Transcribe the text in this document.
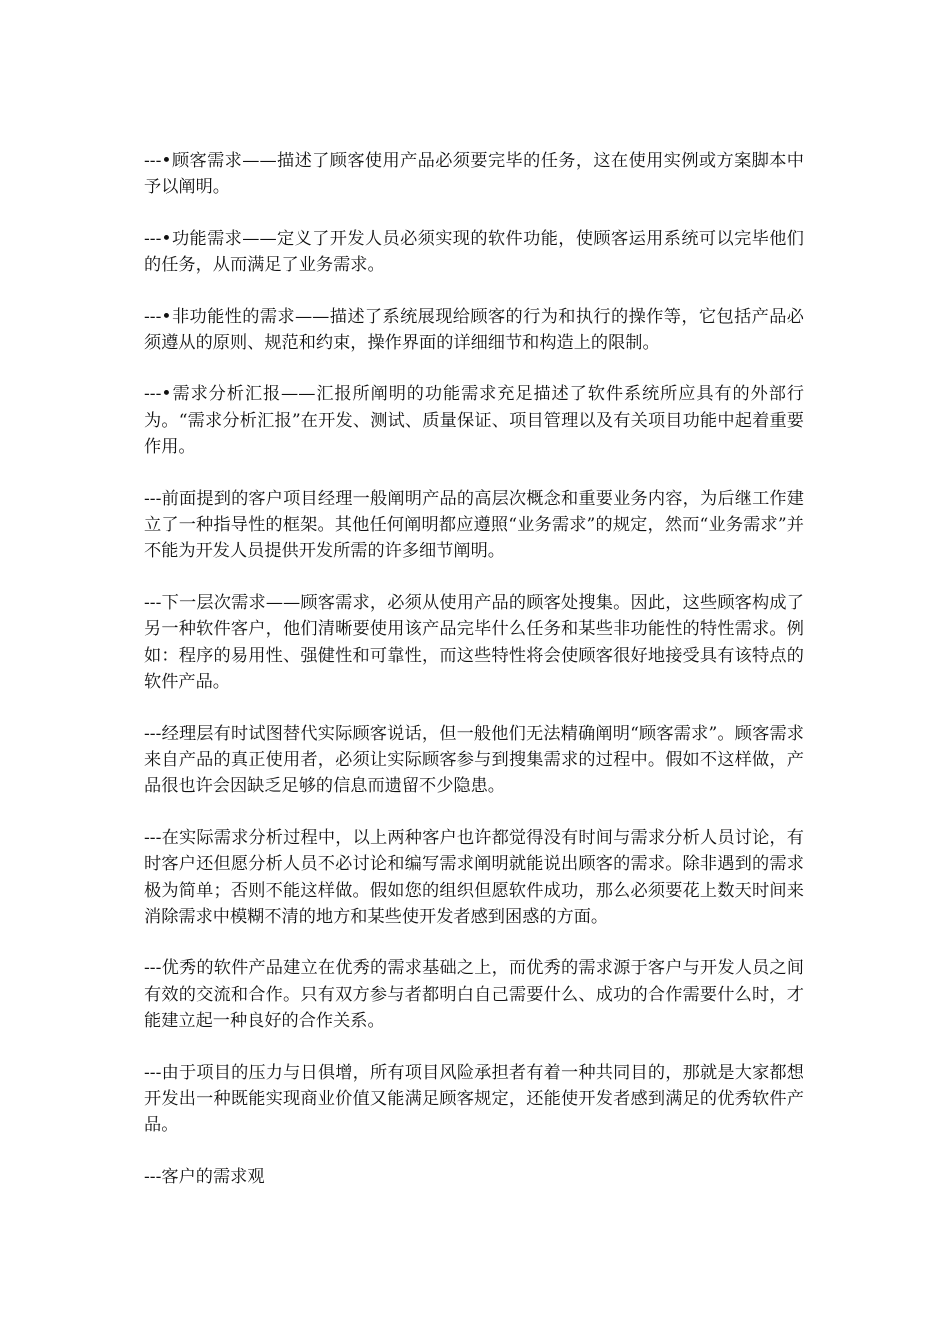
---•顾客需求——描述了顾客使用产品必须要完毕的任务，这在使用实例或方案脚本中予以阐明。

---•功能需求——定义了开发人员必须实现的软件功能，使顾客运用系统可以完毕他们的任务，从而满足了业务需求。

---•非功能性的需求——描述了系统展现给顾客的行为和执行的操作等，它包括产品必须遵从的原则、规范和约束，操作界面的详细细节和构造上的限制。

---•需求分析汇报——汇报所阐明的功能需求充足描述了软件系统所应具有的外部行为。“需求分析汇报”在开发、测试、质量保证、项目管理以及有关项目功能中起着重要作用。

---前面提到的客户项目经理一般阐明产品的高层次概念和重要业务内容，为后继工作建立了一种指导性的框架。其他任何阐明都应遵照“业务需求”的规定，然而“业务需求”并不能为开发人员提供开发所需的许多细节阐明。

---下一层次需求——顾客需求，必须从使用产品的顾客处搜集。因此，这些顾客构成了另一种软件客户，他们清晰要使用该产品完毕什么任务和某些非功能性的特性需求。例如：程序的易用性、强健性和可靠性，而这些特性将会使顾客很好地接受具有该特点的软件产品。

---经理层有时试图替代实际顾客说话，但一般他们无法精确阐明“顾客需求”。顾客需求来自产品的真正使用者，必须让实际顾客参与到搜集需求的过程中。假如不这样做，产品很也许会因缺乏足够的信息而遗留不少隐患。

---在实际需求分析过程中，以上两种客户也许都觉得没有时间与需求分析人员讨论，有时客户还但愿分析人员不必讨论和编写需求阐明就能说出顾客的需求。除非遇到的需求极为简单；否则不能这样做。假如您的组织但愿软件成功，那么必须要花上数天时间来消除需求中模糊不清的地方和某些使开发者感到困惑的方面。

---优秀的软件产品建立在优秀的需求基础之上，而优秀的需求源于客户与开发人员之间有效的交流和合作。只有双方参与者都明白自己需要什么、成功的合作需要什么时，才能建立起一种良好的合作关系。

---由于项目的压力与日俱增，所有项目风险承担者有着一种共同目的，那就是大家都想开发出一种既能实现商业价值又能满足顾客规定，还能使开发者感到满足的优秀软件产品。

---客户的需求观
